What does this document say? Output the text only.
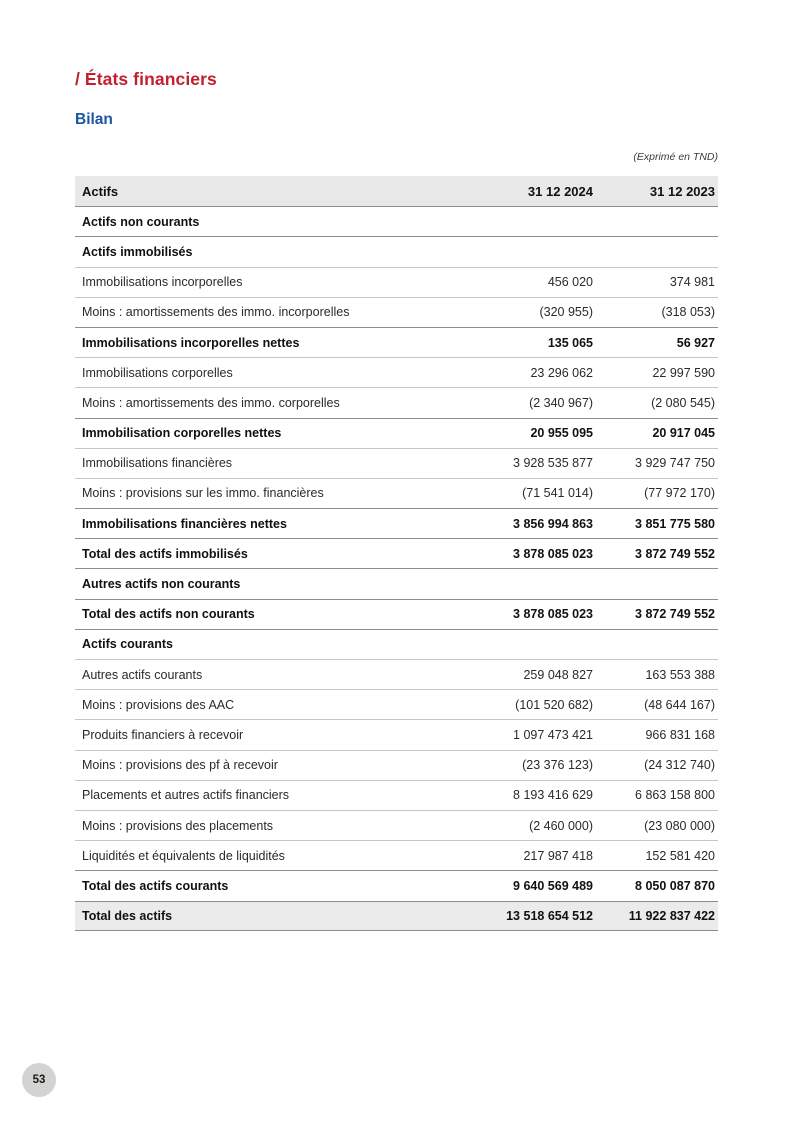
/ États financiers
Bilan
(Exprimé en TND)
Actifs	31 12 2024	31 12 2023
Actifs non courants
Actifs immobilisés
Immobilisations incorporelles	456 020	374 981
Moins : amortissements des immo. incorporelles	(320 955)	(318 053)
Immobilisations incorporelles nettes	135 065	56 927
Immobilisations corporelles	23 296 062	22 997 590
Moins : amortissements des immo. corporelles	(2 340 967)	(2 080 545)
Immobilisation corporelles nettes	20 955 095	20 917 045
Immobilisations financières	3 928 535 877	3 929 747 750
Moins : provisions sur les immo. financières	(71 541 014)	(77 972 170)
Immobilisations financières nettes	3 856 994 863	3 851 775 580
Total des actifs immobilisés	3 878 085 023	3 872 749 552
Autres actifs non courants
Total des actifs non courants	3 878 085 023	3 872 749 552
Actifs courants
Autres actifs courants	259 048 827	163 553 388
Moins : provisions des AAC	(101 520 682)	(48 644 167)
Produits financiers à recevoir	1 097 473 421	966 831 168
Moins : provisions des pf à recevoir	(23 376 123)	(24 312 740)
Placements et autres actifs financiers	8 193 416 629	6 863 158 800
Moins : provisions des placements	(2 460 000)	(23 080 000)
Liquidités et équivalents de liquidités	217 987 418	152 581 420
Total des actifs courants	9 640 569 489	8 050 087 870
Total des actifs	13 518 654 512	11 922 837 422
53
